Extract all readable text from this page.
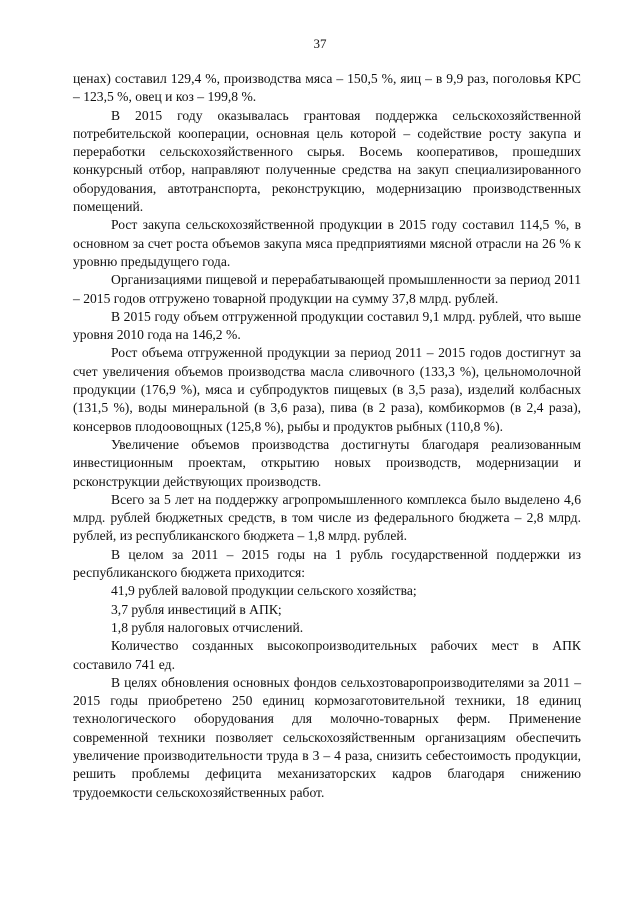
37

ценах) составил 129,4 %, производства мяса – 150,5 %, яиц – в 9,9 раз, поголовья КРС – 123,5 %, овец и коз – 199,8 %.

В 2015 году оказывалась грантовая поддержка сельскохозяйственной потребительской кооперации, основная цель которой – содействие росту закупа и переработки сельскохозяйственного сырья. Восемь кооперативов, прошедших конкурсный отбор, направляют полученные средства на закуп специализированного оборудования, автотранспорта, реконструкцию, модернизацию производственных помещений.

Рост закупа сельскохозяйственной продукции в 2015 году составил 114,5 %, в основном за счет роста объемов закупа мяса предприятиями мясной отрасли на 26 % к уровню предыдущего года.

Организациями пищевой и перерабатывающей промышленности за период 2011 – 2015 годов отгружено товарной продукции на сумму 37,8 млрд. рублей.

В 2015 году объем отгруженной продукции составил 9,1 млрд. рублей, что выше уровня 2010 года на 146,2 %.

Рост объема отгруженной продукции за период 2011 – 2015 годов достигнут за счет увеличения объемов производства масла сливочного (133,3 %), цельномолочной продукции (176,9 %), мяса и субпродуктов пищевых (в 3,5 раза), изделий колбасных (131,5 %), воды минеральной (в 3,6 раза), пива (в 2 раза), комбикормов (в 2,4 раза), консервов плодоовощных (125,8 %), рыбы и продуктов рыбных (110,8 %).

Увеличение объемов производства достигнуты благодаря реализованным инвестиционным проектам, открытию новых производств, модернизации и рсконструкции действующих производств.

Всего за 5 лет на поддержку агропромышленного комплекса было выделено 4,6 млрд. рублей бюджетных средств, в том числе из федерального бюджета – 2,8 млрд. рублей, из республиканского бюджета – 1,8 млрд. рублей.

В целом за 2011 – 2015 годы на 1 рубль государственной поддержки из республиканского бюджета приходится:

41,9 рублей валовой продукции сельского хозяйства;

3,7 рубля инвестиций в АПК;

1,8 рубля налоговых отчислений.

Количество созданных высокопроизводительных рабочих мест в АПК составило 741 ед.

В целях обновления основных фондов сельхозтоваропроизводителями за 2011 – 2015 годы приобретено 250 единиц кормозаготовительной техники, 18 единиц технологического оборудования для молочно-товарных ферм. Применение современной техники позволяет сельскохозяйственным организациям обеспечить увеличение производительности труда в 3 – 4 раза, снизить себестоимость продукции, решить проблемы дефицита механизаторских кадров благодаря снижению трудоемкости сельскохозяйственных работ.
